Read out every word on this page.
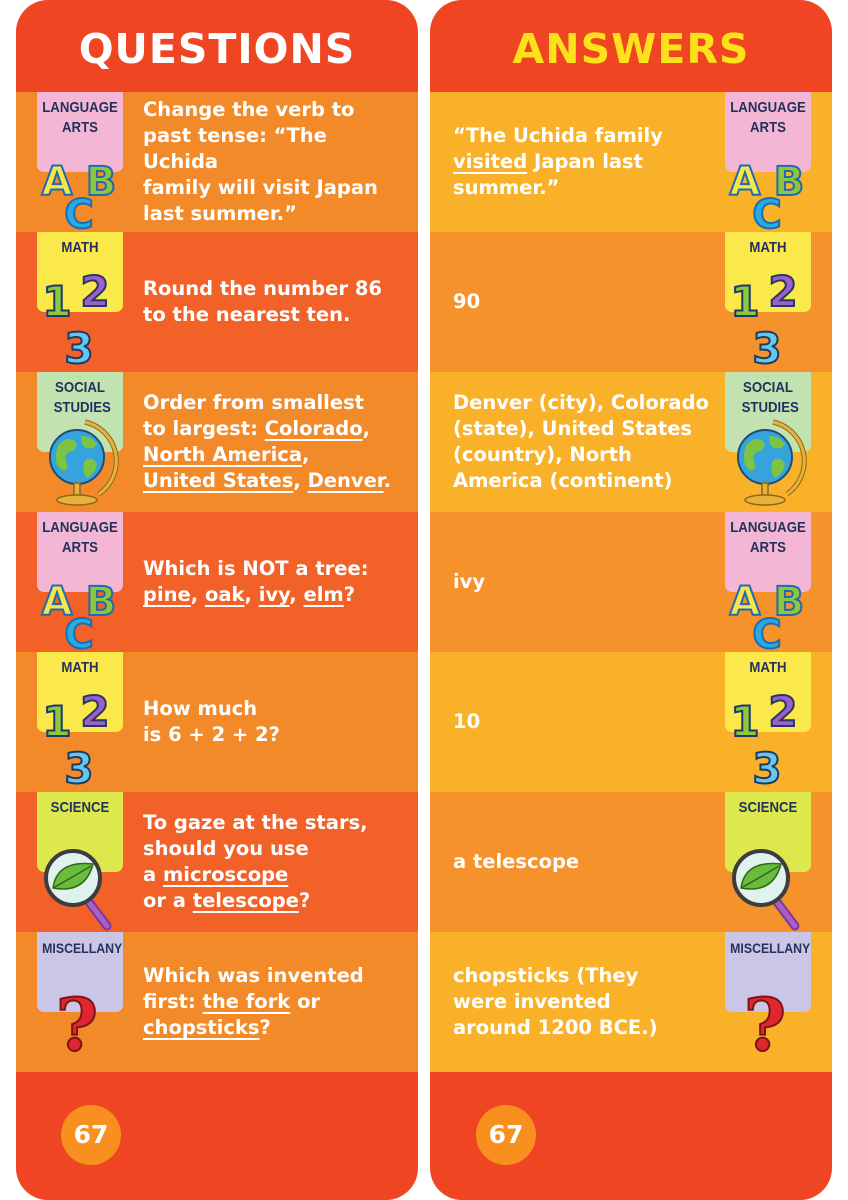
QUESTIONS
LANGUAGE ARTS
Change the verb to
past tense: “The Uchida
family will visit Japan
last summer.”
MATH
Round the number 86
to the nearest ten.
SOCIAL STUDIES Order from smallest
to largest: Colorado,
North America,
United States, Denver.
LANGUAGE ARTS
Which is NOT a tree:
pine, oak, ivy, elm?
MATH
How much
is 6 + 2 + 2?
SCIENCE
To gaze at the stars,
should you use
a microscope
or a telescope?
MISCELLANY
Which was invented
first: the fork or
chopsticks?
67
ANSWERS
LANGUAGE ARTS
“The Uchida family
visited Japan last
summer.”
MATH
90
SOCIAL STUDIES
Denver (city), Colorado
(state), United States
(country), North
America (continent)
LANGUAGE ARTS
ivy
MATH
10
SCIENCE
a telescope
MISCELLANY
chopsticks (They
were invented
around 1200 BCE.)
67
